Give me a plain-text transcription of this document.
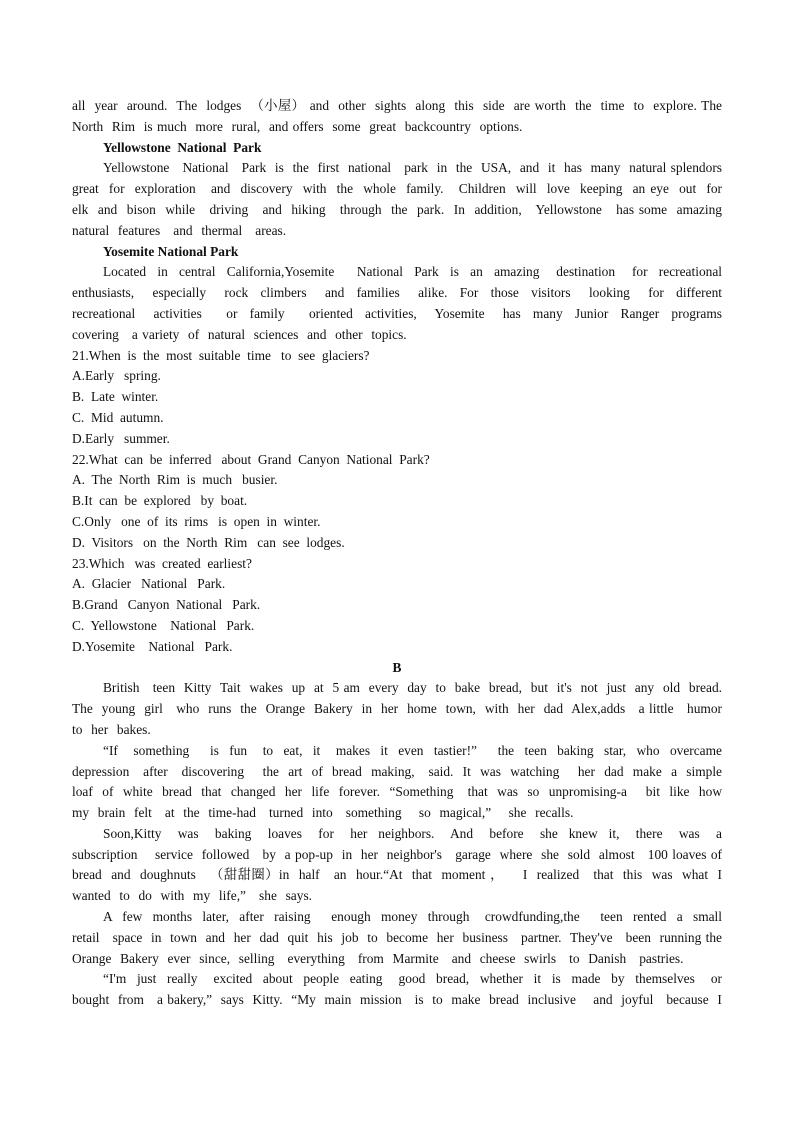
all  year  around.  The  lodges  （小屋） and  other  sights  along  this  side  are worth  the  time  to  explore. The  North  Rim  is much  more  rural,  and offers  some  great  backcountry  options.
Yellowstone  National  Park
Yellowstone   National   Park  is  the  first  national   park  in  the  USA,  and  it  has  many  natural splendors  great  for  exploration   and  discovery  with  the  whole  family.   Children  will  love  keeping  an eye  out  for  elk  and  bison  while   driving   and  hiking   through  the  park.  In  addition,   Yellowstone   has some  amazing  natural  features   and  thermal   areas.
Yosemite National Park
Located  in  central  California,Yosemite    National  Park  is  an  amazing   destination   for  recreational enthusiasts,   especially   rock  climbers   and  families   alike.  For  those  visitors   looking   for  different recreational   activities    or  family    oriented  activities,   Yosemite   has  many  Junior  Ranger  programs covering   a variety  of  natural  sciences  and  other  topics.
21.When  is  the  most  suitable  time   to  see  glaciers?
A.Early   spring.
B.  Late  winter.
C.  Mid  autumn.
D.Early   summer.
22.What  can  be  inferred   about  Grand  Canyon  National  Park?
A.  The  North  Rim  is  much   busier.
B.It  can  be  explored   by  boat.
C.Only   one  of  its  rims   is  open  in  winter.
D.  Visitors   on  the  North  Rim   can  see  lodges.
23.Which   was  created  earliest?
A.  Glacier   National   Park.
B.Grand   Canyon  National   Park.
C.  Yellowstone    National   Park.
D.Yosemite    National   Park.
B
British   teen  Kitty  Tait  wakes  up  at  5 am  every  day  to  bake  bread,  but  it's  not  just  any  old  bread. The  young  girl   who  runs  the  Orange  Bakery  in  her  home  town,  with  her  dad  Alex,adds   a little   humor to  her  bakes.
“If   something    is  fun   to  eat,  it   makes  it  even  tastier!”    the  teen  baking  star,  who  overcame depression   after   discovering    the  art  of  bread  making,   said.  It  was  watching    her  dad  make  a  simple loaf  of  white  bread  that  changed  her  life  forever.  “Something   that  was  so  unpromising-a    bit  like  how my  brain  felt   at  the  time-had   turned  into   something    so  magical,”    she  recalls.
Soon,Kitty   was   baking   loaves   for   her  neighbors.   And   before   she  knew  it,   there   was   a subscription    service  followed   by  a pop-up  in  her  neighbor's   garage  where  she  sold  almost   100 loaves of  bread  and  doughnuts   （甜甜圈）in  half   an  hour.“At  that  moment ，    I  realized   that  this  was  what  I wanted  to  do  with  my  life,”   she  says.
A  few  months  later,  after  raising    enough  money  through   crowdfunding,the    teen  rented  a  small retail   space  in  town  and  her  dad  quit  his  job  to  become  her  business   partner.  They've   been  running the  Orange  Bakery  ever  since,  selling   everything   from  Marmite   and  cheese  swirls   to  Danish   pastries.
“I'm  just  really   excited  about  people  eating   good  bread,  whether  it  is  made  by  themselves   or bought  from   a bakery,”  says  Kitty.  “My  main  mission   is  to  make  bread  inclusive    and  joyful   because  I
